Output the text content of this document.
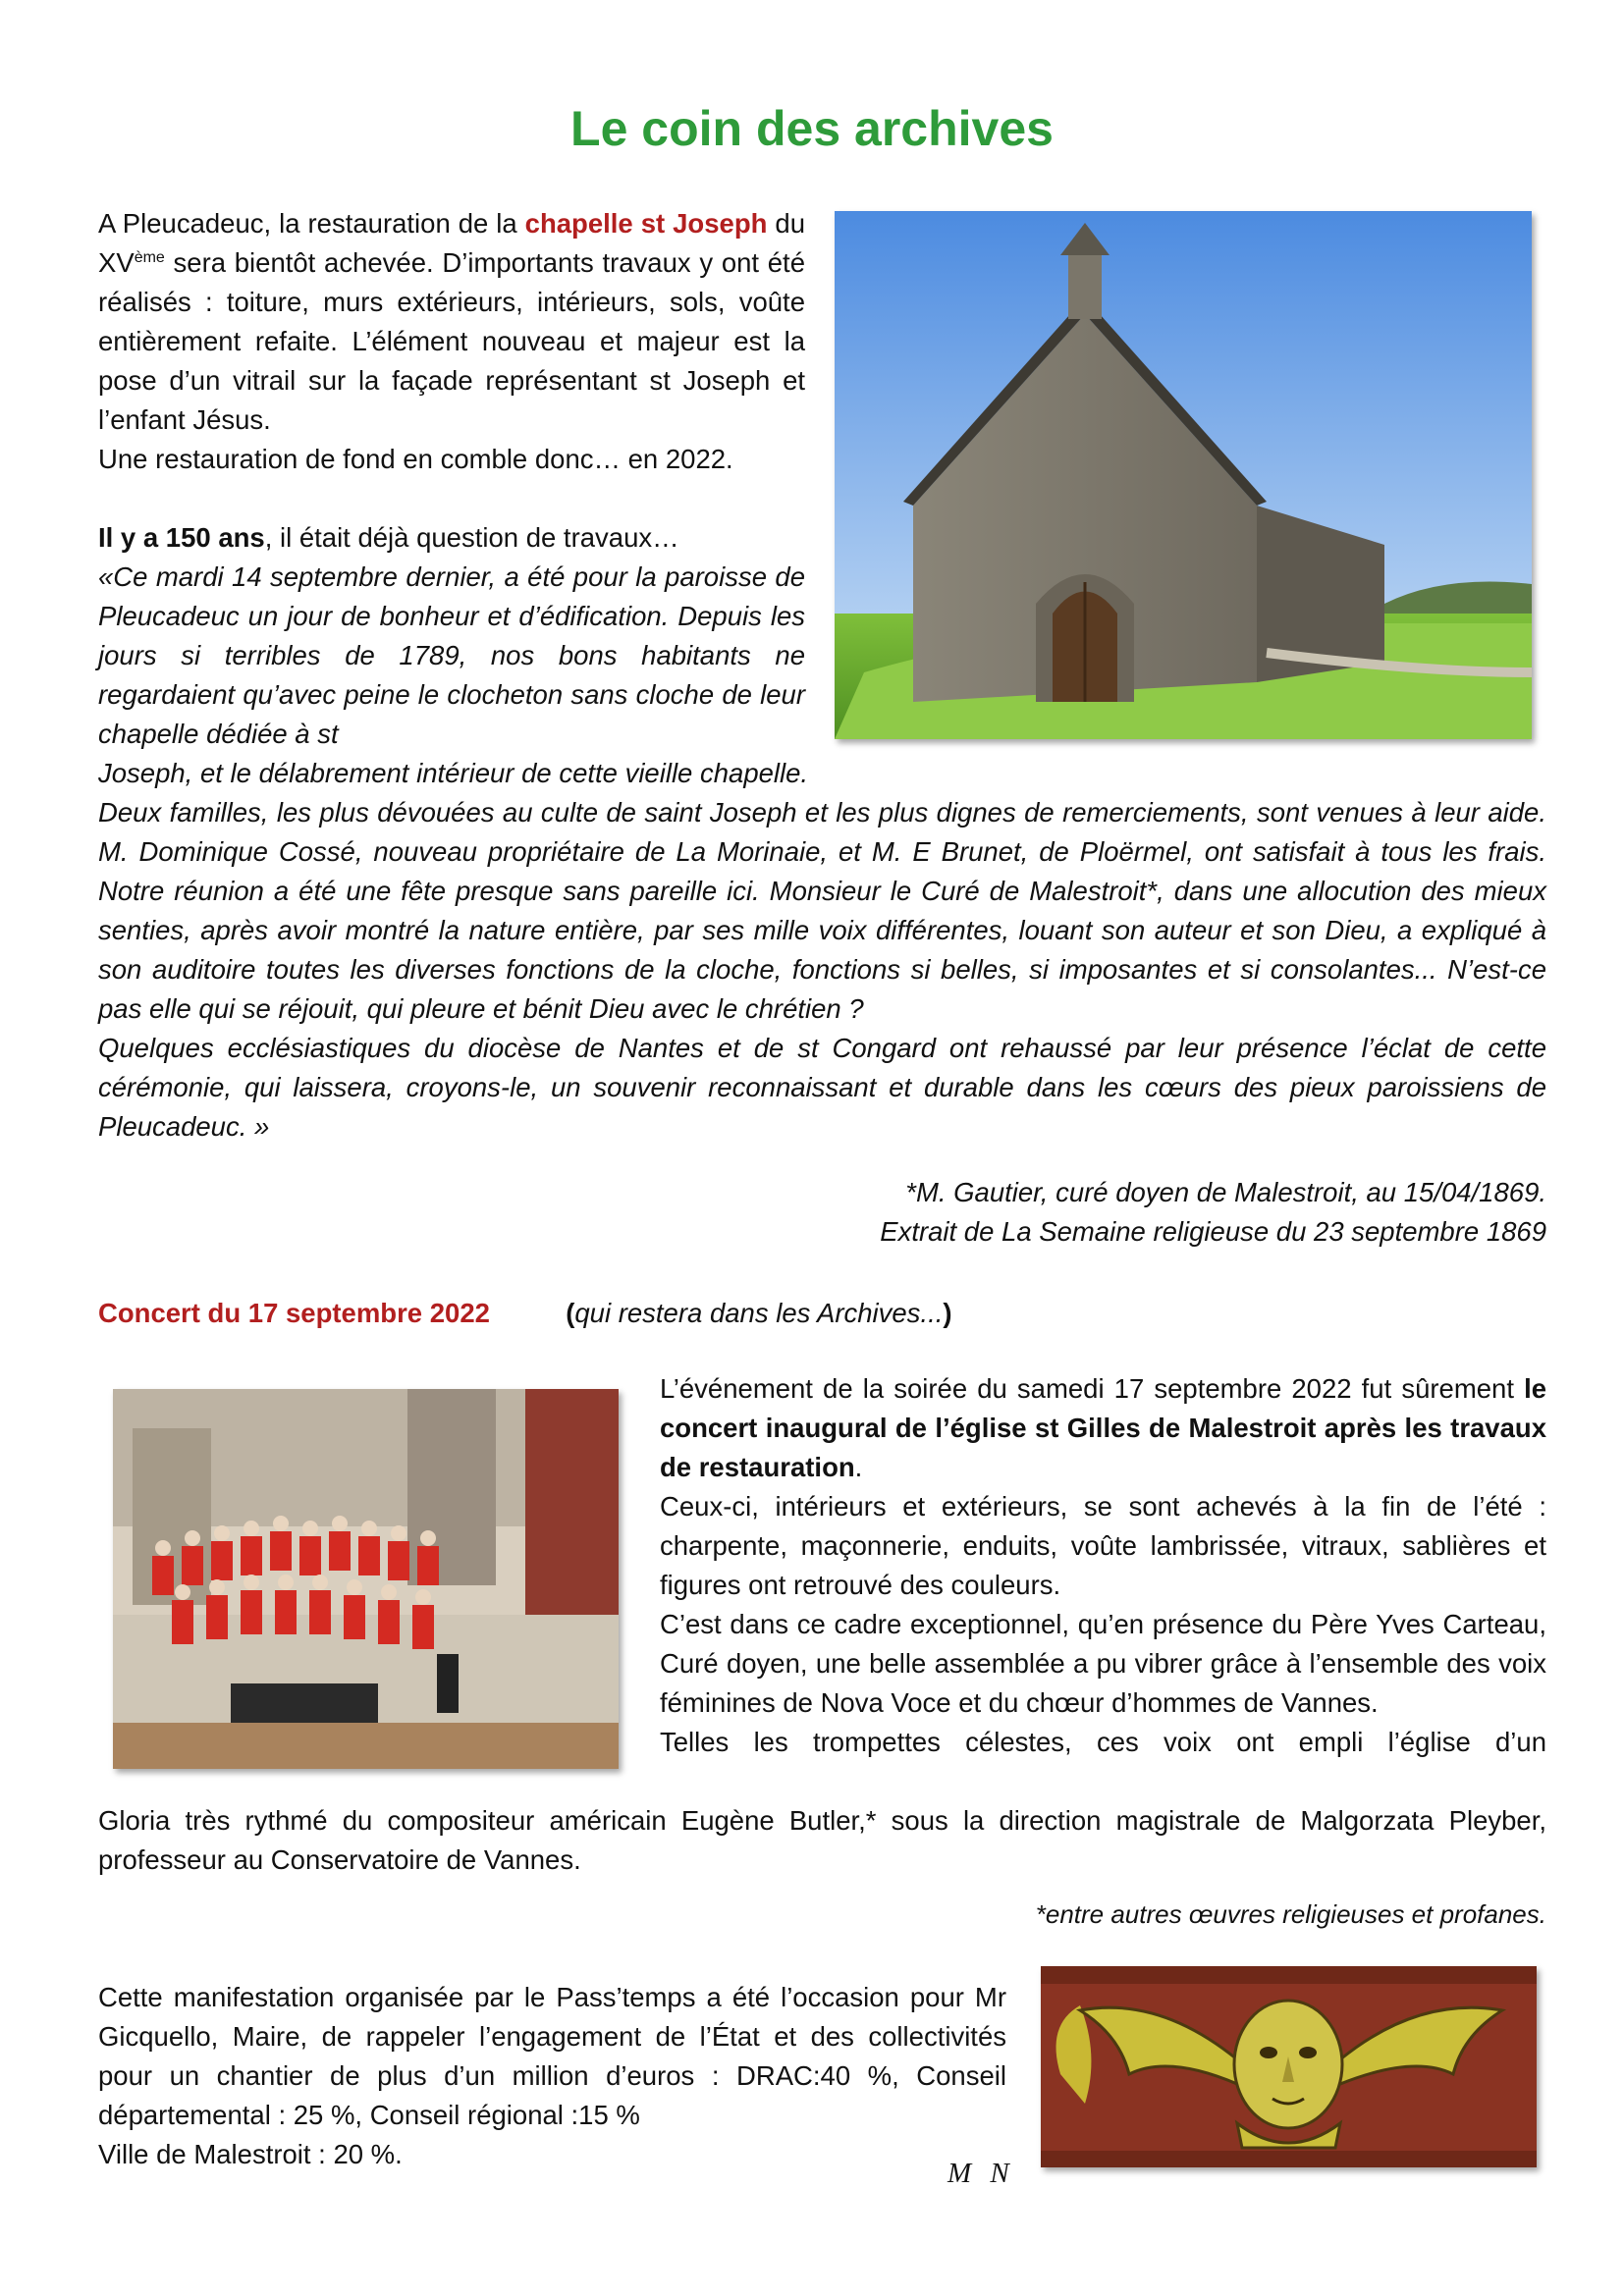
Le coin des archives

A Pleucadeuc, la restauration de la chapelle st Joseph du XVème sera bientôt achevée. D’importants travaux y ont été réalisés : toiture, murs extérieurs, intérieurs, sols, voûte entièrement refaite. L’élément nouveau et majeur est la pose d’un vitrail sur la façade représentant st Joseph et l’enfant Jésus.

Une restauration de fond en comble donc… en 2022.

Il y a 150 ans, il était déjà question de travaux…

«Ce mardi 14 septembre dernier, a été pour la paroisse de Pleucadeuc un jour de bonheur et d’édification. Depuis les jours si terribles de 1789, nos bons habitants ne regardaient qu’avec peine le clocheton sans cloche de leur chapelle dédiée à st

Joseph, et le délabrement intérieur de cette vieille chapelle.

Deux familles, les plus dévouées au culte de saint Joseph et les plus dignes de remerciements, sont venues à leur aide. M. Dominique Cossé, nouveau propriétaire de La Morinaie, et M. E Brunet, de Ploërmel, ont satisfait à tous les frais. Notre réunion a été une fête presque sans pareille ici. Monsieur le Curé de Malestroit*, dans une allocution des mieux senties, après avoir montré la nature entière, par ses mille voix différentes, louant son auteur et son Dieu, a expliqué à son auditoire toutes les diverses fonctions de la cloche, fonctions si belles, si imposantes et si consolantes... N’est-ce pas elle qui se réjouit, qui pleure et bénit Dieu avec le chrétien ?

Quelques ecclésiastiques du diocèse de Nantes et de st Congard ont rehaussé par leur présence l’éclat de cette cérémonie, qui laissera, croyons-le, un souvenir reconnaissant et durable dans les cœurs des pieux paroissiens de Pleucadeuc. »

*M. Gautier, curé doyen de Malestroit, au 15/04/1869.

Extrait de La Semaine religieuse du 23 septembre 1869

Concert du 17 septembre 2022	(qui restera dans les Archives...)

L’événement de la soirée du samedi 17 septembre 2022 fut sûrement le concert inaugural de l’église st Gilles de Malestroit après les travaux de restauration.

Ceux-ci, intérieurs et extérieurs, se sont achevés à la fin de l’été : charpente, maçonnerie, enduits, voûte lambrissée, vitraux, sablières et figures ont retrouvé des couleurs.

C’est dans ce cadre exceptionnel, qu’en présence du Père Yves Carteau, Curé doyen, une belle assemblée a pu vibrer grâce à l’ensemble des voix féminines de Nova Voce et du chœur d’hommes de Vannes.

Telles les trompettes célestes, ces voix ont empli l’église d’un

Gloria très rythmé du compositeur américain Eugène Butler,* sous la direction magistrale de Malgorzata Pleyber, professeur au Conservatoire de Vannes.

*entre autres œuvres religieuses et profanes.

Cette manifestation organisée par le Pass’temps a été l’occasion pour Mr Gicquello, Maire, de rappeler l’engagement de l’État et des collectivités pour un chantier de plus d’un million d’euros : DRAC:40 %, Conseil départemental : 25 %, Conseil régional :15 %

Ville de Malestroit : 20 %.

M N
